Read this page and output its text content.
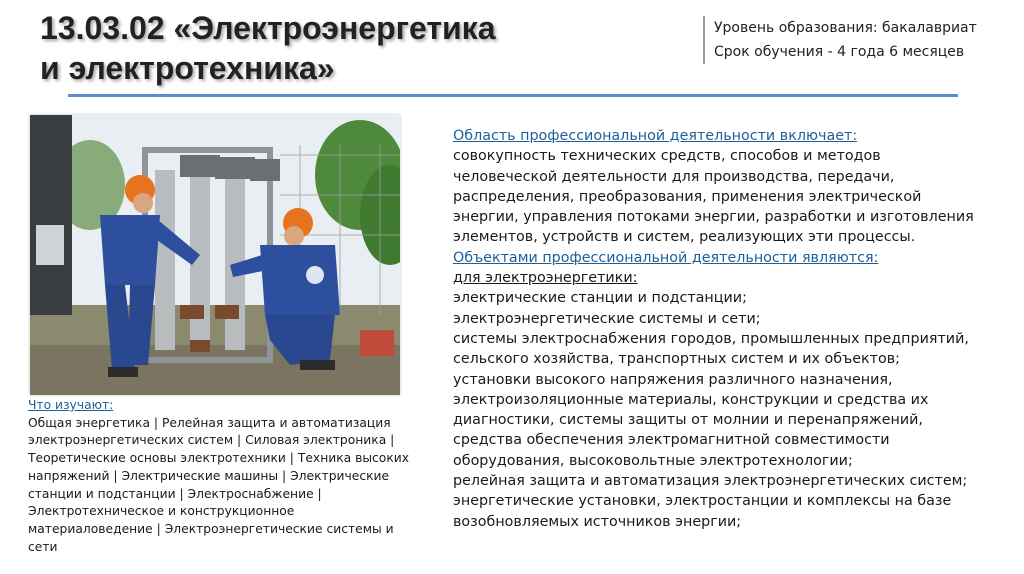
13.03.02 «Электроэнергетика
и электротехника»
Уровень образования: бакалавриат
Срок обучения - 4 года 6 месяцев
Что изучают:
Общая энергетика | Релейная защита и автоматизация
электроэнергетических систем | Силовая электроника |
Теоретические основы электротехники | Техника высоких
напряжений | Электрические машины | Электрические
станции и подстанции | Электроснабжение |
Электротехническое и конструкционное
материаловедение | Электроэнергетические системы и
сети
Область профессиональной деятельности включает:
совокупность технических средств, способов и методов
человеческой деятельности для производства, передачи,
распределения, преобразования, применения электрической
энергии, управления потоками энергии, разработки и изготовления
элементов, устройств и систем, реализующих эти процессы.
Объектами профессиональной деятельности являются:
для электроэнергетики:
электрические станции и подстанции;
электроэнергетические системы и сети;
системы электроснабжения городов, промышленных предприятий,
сельского хозяйства, транспортных систем и их объектов;
установки высокого напряжения различного назначения,
электроизоляционные материалы, конструкции и средства их
диагностики, системы защиты от молнии и перенапряжений,
средства обеспечения электромагнитной совместимости
оборудования, высоковольтные электротехнологии;
релейная защита и автоматизация электроэнергетических систем;
энергетические установки, электростанции и комплексы на базе
возобновляемых источников энергии;
